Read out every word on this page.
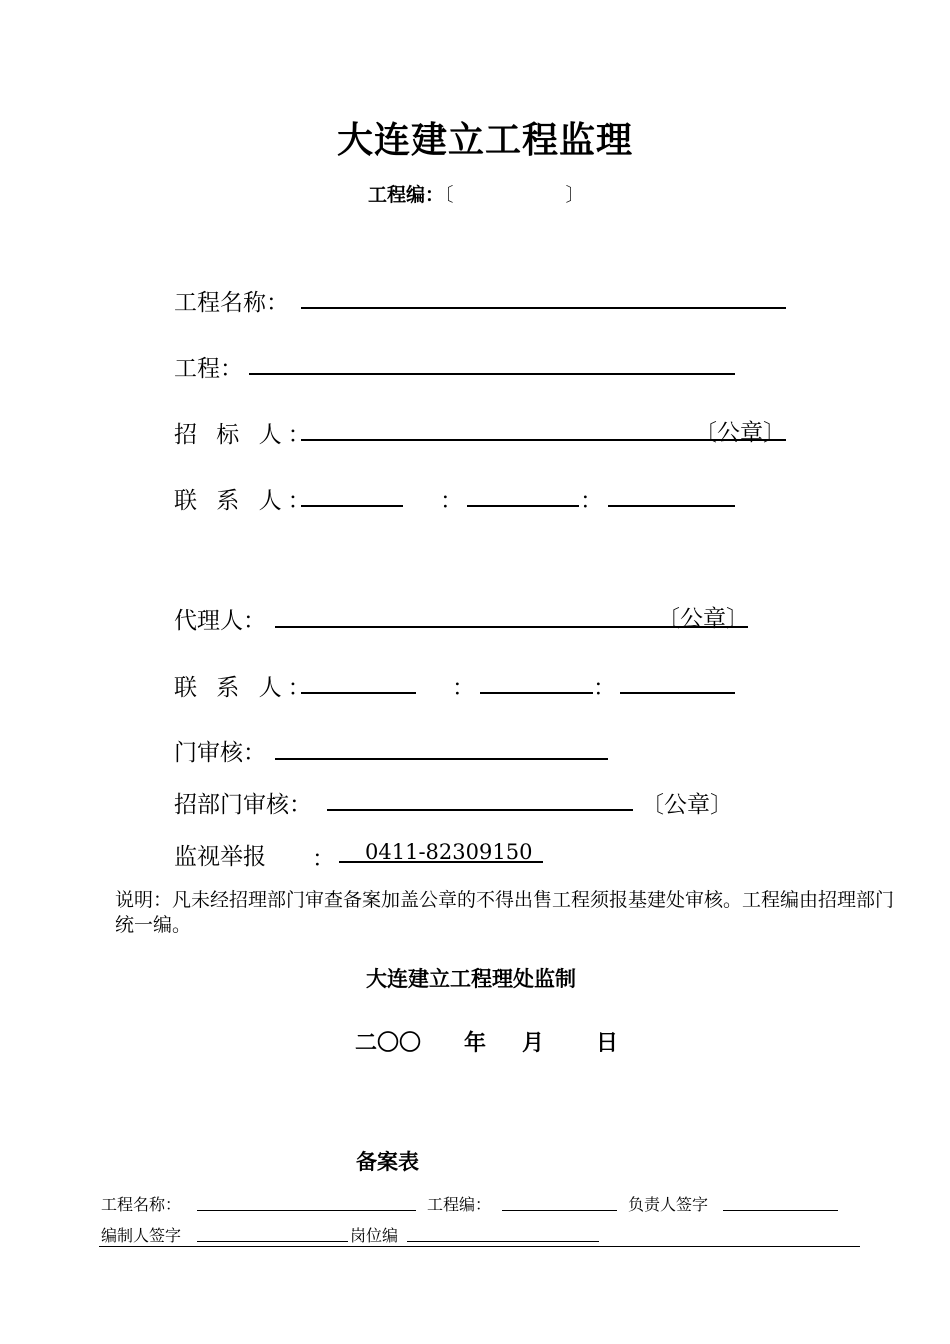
大连建立工程监理
工程编：〔	〕
工程名称：
工程：
招 标 人：	〔公章〕
联 系 人：	：	：
代理人：	〔公章〕
联 系 人：	：	：
门审核：
招部门审核：	〔公章〕
监视举报 ： 0411-82309150
说明：凡未经招理部门审查备案加盖公章的不得出售工程须报基建处审核。工程编由招理部门统一编。
大连建立工程理处监制
二〇〇 年 月 日
备案表
工程名称：	工程编：	负责人签字
编制人签字	岗位编
